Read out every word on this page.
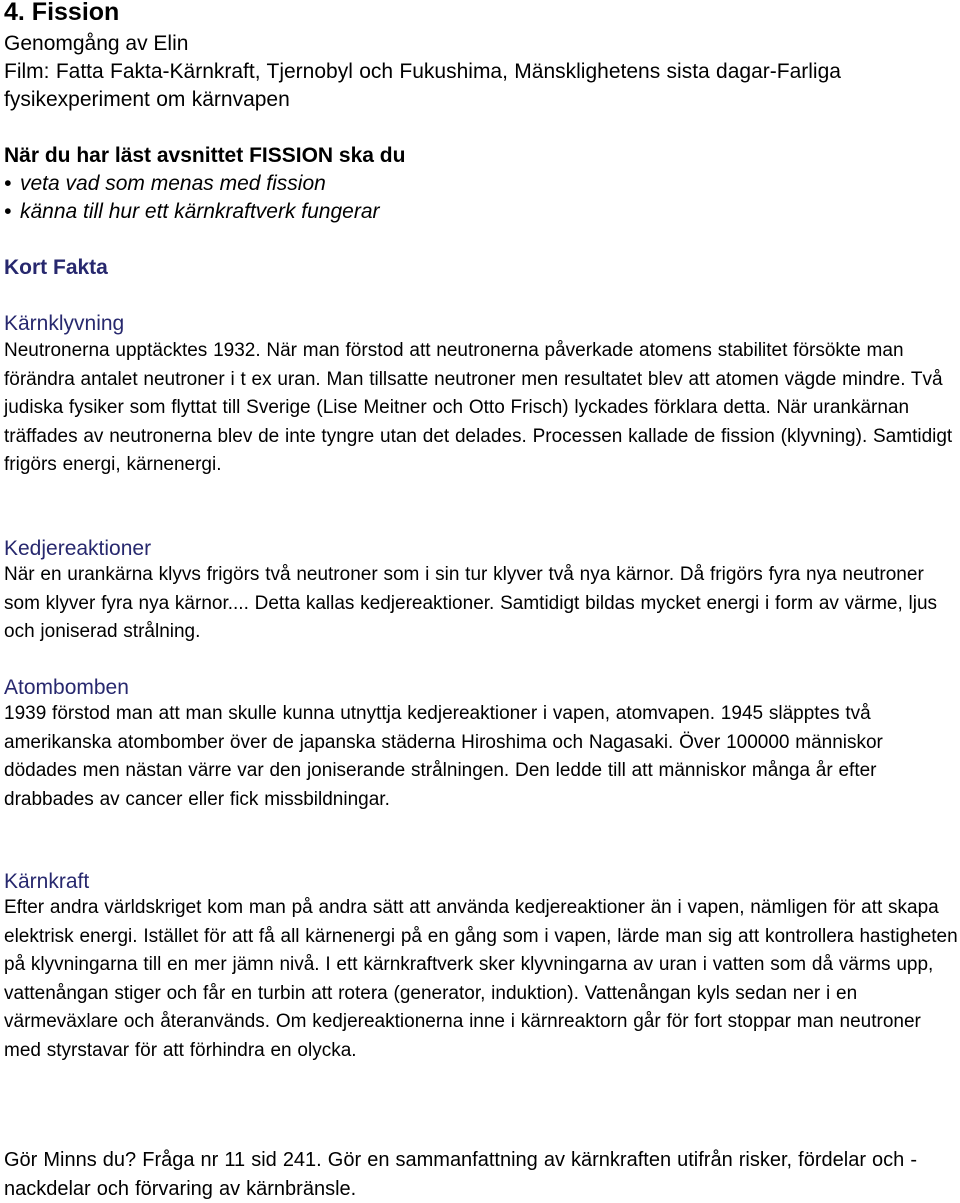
4. Fission
Genomgång av Elin
Film: Fatta Fakta-Kärnkraft, Tjernobyl och Fukushima, Mänsklighetens sista dagar-Farliga fysikexperiment om kärnvapen
När du har läst avsnittet FISSION ska du
• veta vad som menas med fission
• känna till hur ett kärnkraftverk fungerar
Kort Fakta
Kärnklyvning
Neutronerna upptäcktes 1932. När man förstod att neutronerna påverkade atomens stabilitet försökte man förändra antalet neutroner i t ex uran. Man tillsatte neutroner men resultatet blev att atomen vägde mindre. Två judiska fysiker som flyttat till Sverige (Lise Meitner och Otto Frisch) lyckades förklara detta. När urankärnan träffades av neutronerna blev de inte tyngre utan det delades. Processen kallade de fission (klyvning). Samtidigt frigörs energi, kärnenergi.
Kedjereaktioner
När en urankärna klyvs frigörs två neutroner som i sin tur klyver två nya kärnor. Då frigörs fyra nya neutroner som klyver fyra nya kärnor.... Detta kallas kedjereaktioner. Samtidigt bildas mycket energi i form av värme, ljus och joniserad strålning.
Atombomben
1939 förstod man att man skulle kunna utnyttja kedjereaktioner i vapen, atomvapen. 1945 släpptes två amerikanska atombomber över de japanska städerna Hiroshima och Nagasaki. Över 100000 människor dödades men nästan värre var den joniserande strålningen. Den ledde till att människor många år efter drabbades av cancer eller fick missbildningar.
Kärnkraft
Efter andra världskriget kom man på andra sätt att använda kedjereaktioner än i vapen, nämligen för att skapa elektrisk energi. Istället för att få all kärnenergi på en gång som i vapen, lärde man sig att kontrollera hastigheten på klyvningarna till en mer jämn nivå. I ett kärnkraftverk sker klyvningarna av uran i vatten som då värms upp, vattenångan stiger och får en turbin att rotera (generator, induktion). Vattenångan kyls sedan ner i en värmeväxlare och återanvänds. Om kedjereaktionerna inne i kärnreaktorn går för fort stoppar man neutroner med styrstavar för att förhindra en olycka.
Gör Minns du? Fråga nr 11 sid 241. Gör en sammanfattning av kärnkraften utifrån risker, fördelar och -nackdelar och förvaring av kärnbränsle.
